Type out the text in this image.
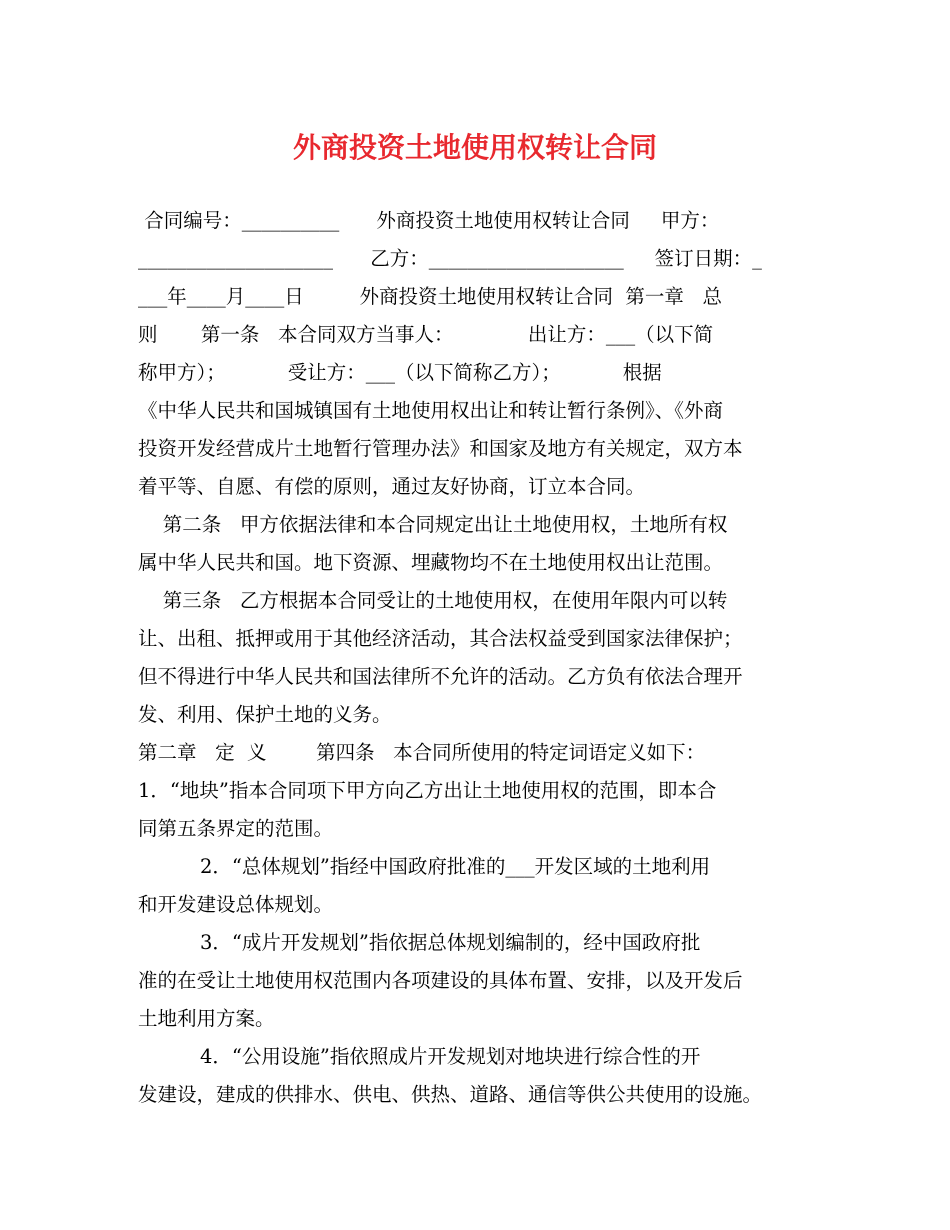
外商投资土地使用权转让合同
合同编号：__________      外商投资土地使用权转让合同     甲方：
____________________      乙方：____________________     签订日期：_
___年____月____日         外商投资土地使用权转让合同  第一章   总
则       第一条   本合同双方当事人：            出让方：___（以下简
称甲方）；          受让方：___（以下简称乙方）；          根据
《中华人民共和国城镇国有土地使用权出让和转让暂行条例》、《外商
投资开发经营成片土地暂行管理办法》和国家及地方有关规定，双方本
着平等、自愿、有偿的原则，通过友好协商，订立本合同。
第二条   甲方依据法律和本合同规定出让土地使用权，土地所有权
属中华人民共和国。地下资源、埋藏物均不在土地使用权出让范围。
第三条   乙方根据本合同受让的土地使用权，在使用年限内可以转
让、出租、抵押或用于其他经济活动，其合法权益受到国家法律保护；
但不得进行中华人民共和国法律所不允许的活动。乙方负有依法合理开
发、利用、保护土地的义务。
第二章   定  义        第四条   本合同所使用的特定词语定义如下：
1．“地块”指本合同项下甲方向乙方出让土地使用权的范围，即本合
同第五条界定的范围。
2．“总体规划”指经中国政府批准的___开发区域的土地利用
和开发建设总体规划。
3．“成片开发规划”指依据总体规划编制的，经中国政府批
准的在受让土地使用权范围内各项建设的具体布置、安排，以及开发后
土地利用方案。
4．“公用设施”指依照成片开发规划对地块进行综合性的开
发建设，建成的供排水、供电、供热、道路、通信等供公共使用的设施。
